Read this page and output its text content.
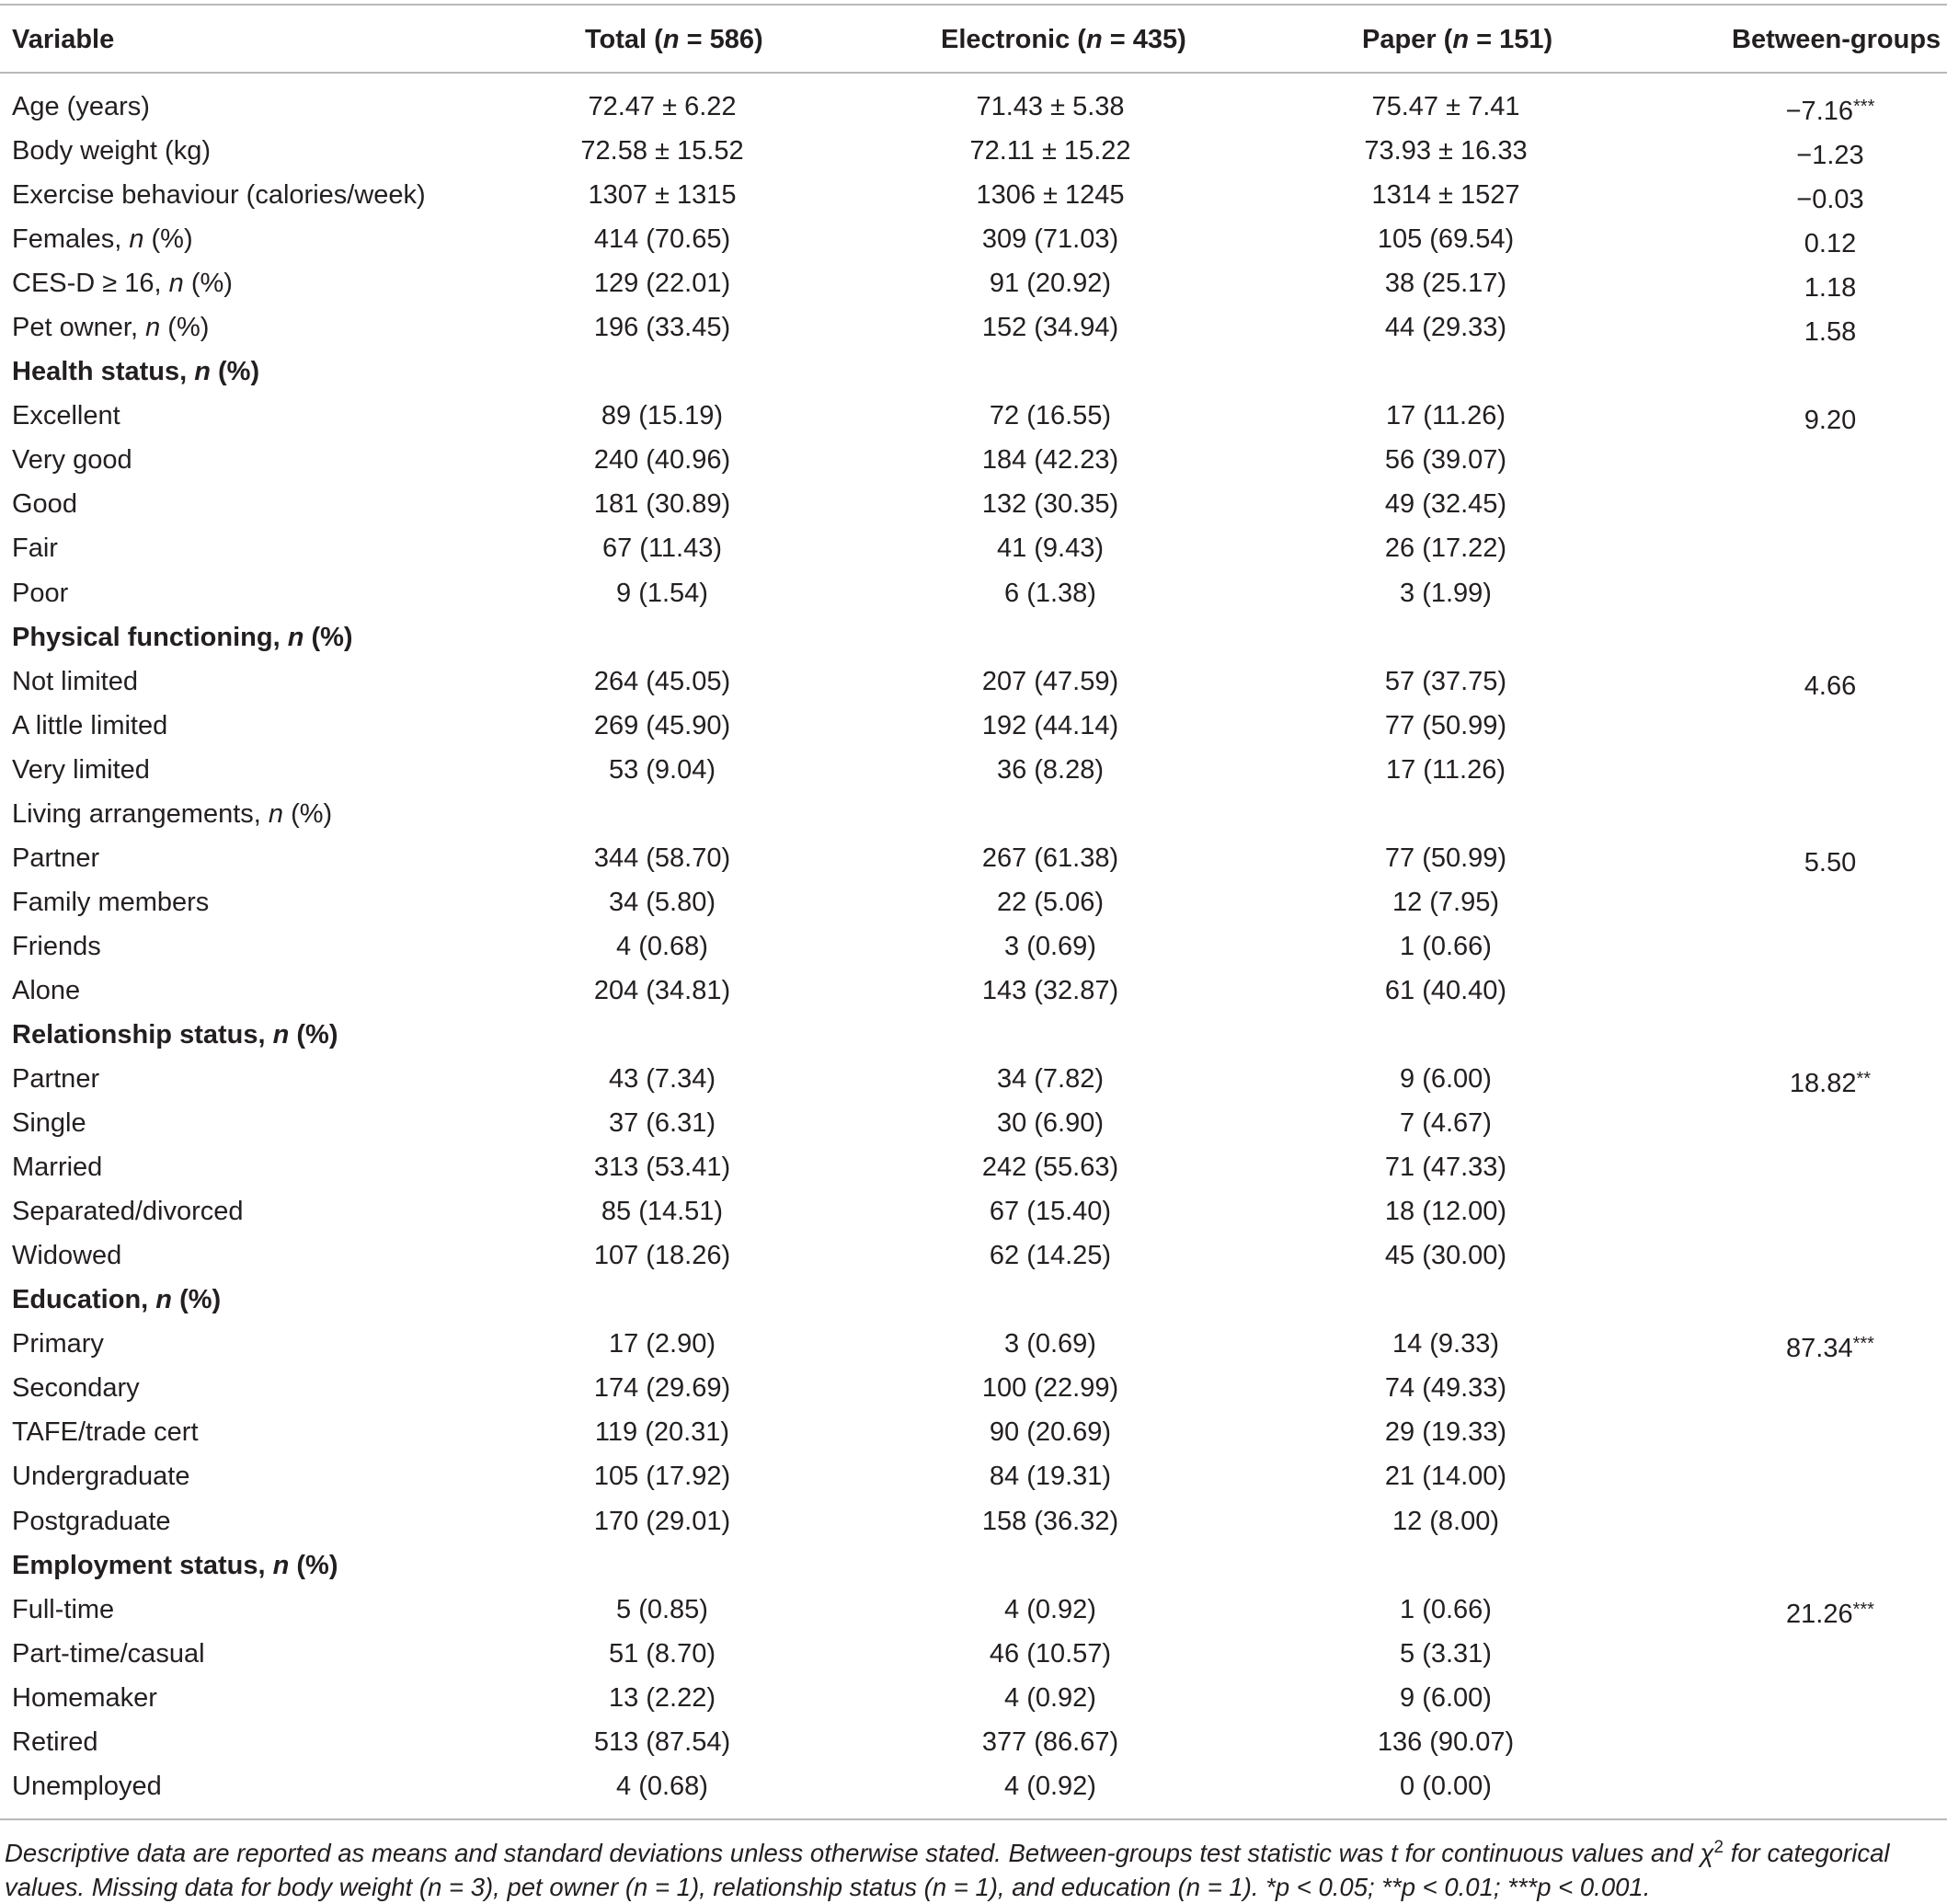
Variable	Total (n = 586)	Electronic (n = 435)	Paper (n = 151)	Between-groups
Age (years)	72.47 ± 6.22	71.43 ± 5.38	75.47 ± 7.41	−7.16***
Body weight (kg)	72.58 ± 15.52	72.11 ± 15.22	73.93 ± 16.33	−1.23
Exercise behaviour (calories/week)	1307 ± 1315	1306 ± 1245	1314 ± 1527	−0.03
Females, n (%)	414 (70.65)	309 (71.03)	105 (69.54)	0.12
CES-D ≥ 16, n (%)	129 (22.01)	91 (20.92)	38 (25.17)	1.18
Pet owner, n (%)	196 (33.45)	152 (34.94)	44 (29.33)	1.58
Health status, n (%)
Excellent	89 (15.19)	72 (16.55)	17 (11.26)	9.20
Very good	240 (40.96)	184 (42.23)	56 (39.07)
Good	181 (30.89)	132 (30.35)	49 (32.45)
Fair	67 (11.43)	41 (9.43)	26 (17.22)
Poor	9 (1.54)	6 (1.38)	3 (1.99)
Physical functioning, n (%)
Not limited	264 (45.05)	207 (47.59)	57 (37.75)	4.66
A little limited	269 (45.90)	192 (44.14)	77 (50.99)
Very limited	53 (9.04)	36 (8.28)	17 (11.26)
Living arrangements, n (%)
Partner	344 (58.70)	267 (61.38)	77 (50.99)	5.50
Family members	34 (5.80)	22 (5.06)	12 (7.95)
Friends	4 (0.68)	3 (0.69)	1 (0.66)
Alone	204 (34.81)	143 (32.87)	61 (40.40)
Relationship status, n (%)
Partner	43 (7.34)	34 (7.82)	9 (6.00)	18.82**
Single	37 (6.31)	30 (6.90)	7 (4.67)
Married	313 (53.41)	242 (55.63)	71 (47.33)
Separated/divorced	85 (14.51)	67 (15.40)	18 (12.00)
Widowed	107 (18.26)	62 (14.25)	45 (30.00)
Education, n (%)
Primary	17 (2.90)	3 (0.69)	14 (9.33)	87.34***
Secondary	174 (29.69)	100 (22.99)	74 (49.33)
TAFE/trade cert	119 (20.31)	90 (20.69)	29 (19.33)
Undergraduate	105 (17.92)	84 (19.31)	21 (14.00)
Postgraduate	170 (29.01)	158 (36.32)	12 (8.00)
Employment status, n (%)
Full-time	5 (0.85)	4 (0.92)	1 (0.66)	21.26***
Part-time/casual	51 (8.70)	46 (10.57)	5 (3.31)
Homemaker	13 (2.22)	4 (0.92)	9 (6.00)
Retired	513 (87.54)	377 (86.67)	136 (90.07)
Unemployed	4 (0.68)	4 (0.92)	0 (0.00)
Descriptive data are reported as means and standard deviations unless otherwise stated. Between-groups test statistic was t for continuous values and $\chi^2$ for categorical values. Missing data for body weight (n = 3), pet owner (n = 1), relationship status (n = 1), and education (n = 1). *p < 0.05; **p < 0.01; ***p < 0.001.
